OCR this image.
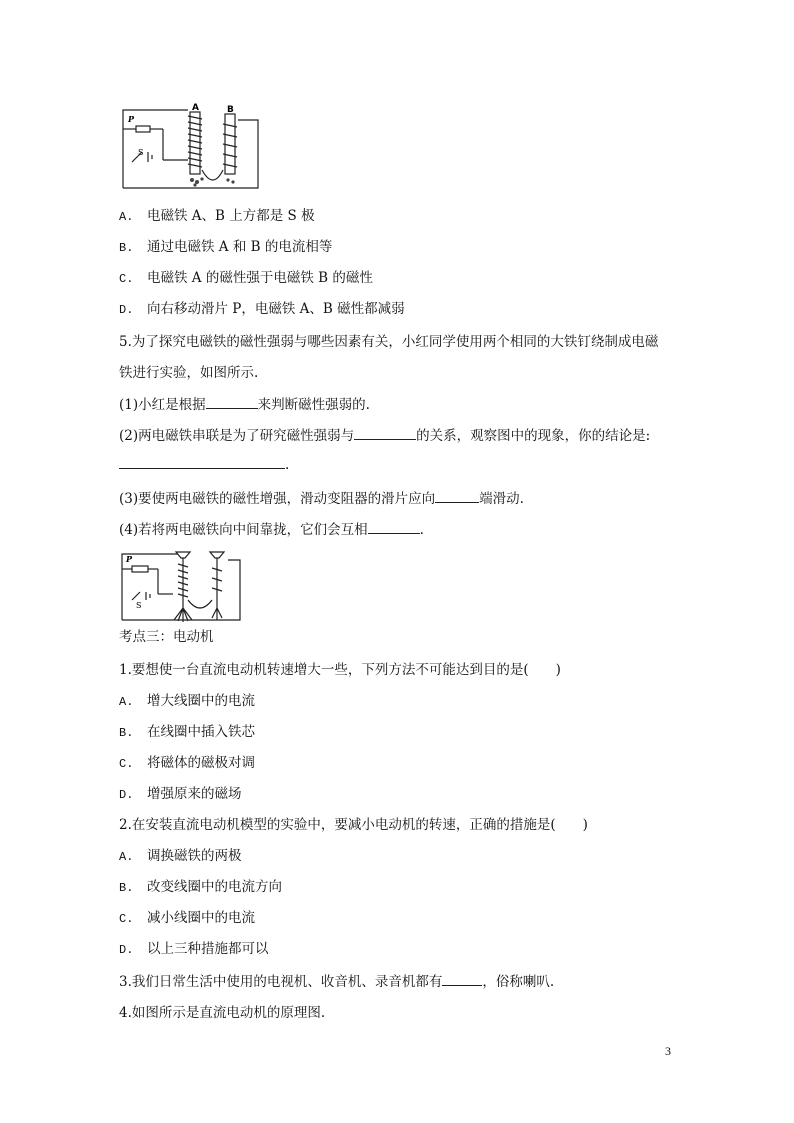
A	B
P
S
A. 电磁铁 A、B 上方都是 S 极
B. 通过电磁铁 A 和 B 的电流相等
C. 电磁铁 A 的磁性强于电磁铁 B 的磁性
D. 向右移动滑片 P，电磁铁 A、B 磁性都减弱
5.为了探究电磁铁的磁性强弱与哪些因素有关，小红同学使用两个相同的大铁钉绕制成电磁
铁进行实验，如图所示.
(1)小红是根据	来判断磁性强弱的.
(2)两电磁铁串联是为了研究磁性强弱与	的关系，观察图中的现象，你的结论是:
.
(3)要使两电磁铁的磁性增强，滑动变阻器的滑片应向	端滑动.
(4)若将两电磁铁向中间靠拢，它们会互相	.
P
S
考点三：电动机
1.要想使一台直流电动机转速增大一些，下列方法不可能达到目的是(　　)
A. 增大线圈中的电流
B. 在线圈中插入铁芯
C. 将磁体的磁极对调
D. 增强原来的磁场
2.在安装直流电动机模型的实验中，要减小电动机的转速，正确的措施是(　　)
A. 调换磁铁的两极
B. 改变线圈中的电流方向
C. 减小线圈中的电流
D. 以上三种措施都可以
3.我们日常生活中使用的电视机、收音机、录音机都有	，俗称喇叭.
4.如图所示是直流电动机的原理图.
3
